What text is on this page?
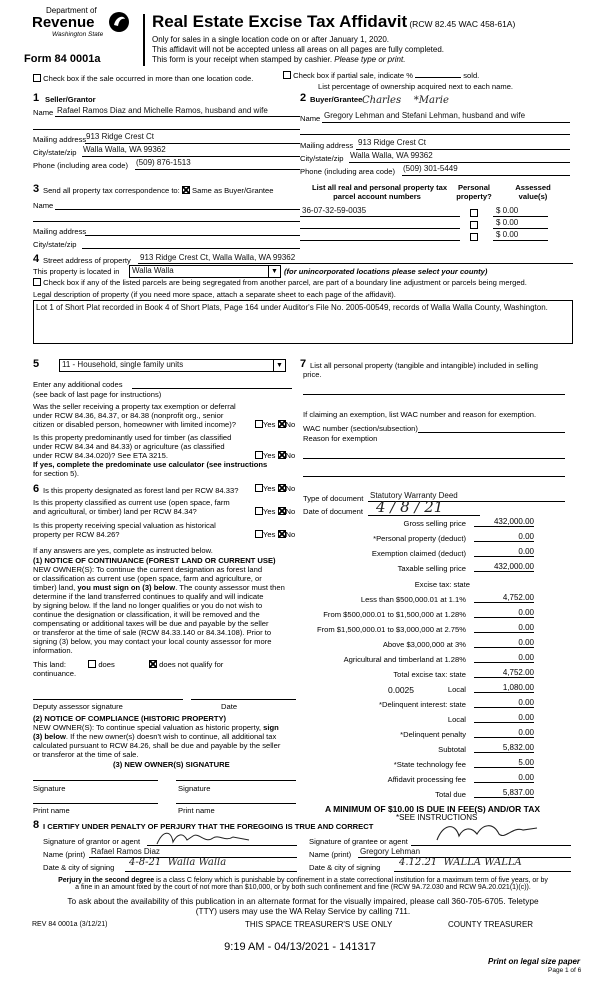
Department of
Revenue
Washington State
Form 84 0001a
Real Estate Excise Tax Affidavit (RCW 82.45 WAC 458-61A)
Only for sales in a single location code on or after January 1, 2020.
This affidavit will not be accepted unless all areas on all pages are fully completed.
This form is your receipt when stamped by cashier. Please type or print.
Check box if the sale occurred in more than one location code.	Check box if partial sale, indicate %	sold.
List percentage of ownership acquired next to each name.
1 Seller/Grantor
Name Rafael Ramos Diaz and Michelle Ramos, husband and wife
Mailing address 913 Ridge Crest Ct
City/state/zip Walla Walla, WA 99362
Phone (including area code) (509) 876-1513
2 Buyer/Grantee Charles    *Marie
Name Gregory Lehman and Stefani Lehman, husband and wife
Mailing address 913 Ridge Crest Ct
City/state/zip Walla Walla, WA 99362
Phone (including area code) (509) 301-5449
3 Send all property tax correspondence to: Same as Buyer/Grantee
Name
Mailing address
City/state/zip
List all real and personal property tax
parcel account numbers
Personal
property?
Assessed
value(s)
36-07-32-59-0035	$ 0.00
$ 0.00
$ 0.00
4 Street address of property 913 Ridge Crest Ct, Walla Walla, WA 99362
This property is located in Walla Walla	▼ (for unincorporated locations please select your county)
Check box if any of the listed parcels are being segregated from another parcel, are part of a boundary line adjustment or parcels being merged.
Legal description of property (if you need more space, attach a separate sheet to each page of the affidavit).
Lot 1 of Short Plat recorded in Book 4 of Short Plats, Page 164 under Auditor's File No. 2005-00549, records of Walla Walla County, Washington.
5	11 - Household, single family units	▼
Enter any additional codes
(see back of last page for instructions)
Was the seller receiving a property tax exemption or deferral
under RCW 84.36, 84.37, or 84.38 (nonprofit org., senior
citizen or disabled person, homeowner with limited income)?	Yes No
Is this property predominantly used for timber (as classified
under RCW 84.34 and 84.33) or agriculture (as classified
under RCW 84.34.020)? See ETA 3215.	Yes No
If yes, complete the predominate use calculator (see instructions
for section 5).
7 List all personal property (tangible and intangible) included in selling
price.
If claiming an exemption, list WAC number and reason for exemption.
WAC number (section/subsection)
Reason for exemption
Type of document Statutory Warranty Deed
Date of document 4 / 8 / 21
Gross selling price	432,000.00
*Personal property (deduct)	0.00
Exemption claimed (deduct)	0.00
Taxable selling price	432,000.00
Excise tax: state
Less than $500,000.01 at 1.1%	4,752.00
From $500,000.01 to $1,500,000 at 1.28%	0.00
From $1,500,000.01 to $3,000,000 at 2.75%	0.00
Above $3,000,000 at 3%	0.00
Agricultural and timberland at 1.28%	0.00
Total excise tax: state	4,752.00
0.0025	Local	1,080.00
*Delinquent interest: state	0.00
Local	0.00
*Delinquent penalty	0.00
Subtotal	5,832.00
*State technology fee	5.00
Affidavit processing fee	0.00
Total due	5,837.00
A MINIMUM OF $10.00 IS DUE IN FEE(S) AND/OR TAX
*SEE INSTRUCTIONS
6 Is this property designated as forest land per RCW 84.33?	Yes No
Is this property classified as current use (open space, farm
and agricultural, or timber) land per RCW 84.34?	Yes No
Is this property receiving special valuation as historical
property per RCW 84.26?	Yes No
If any answers are yes, complete as instructed below.
(1) NOTICE OF CONTINUANCE (FOREST LAND OR CURRENT USE)
NEW OWNER(S): To continue the current designation as forest land
or classification as current use (open space, farm and agriculture, or
timber) land, you must sign on (3) below. The county assessor must then
determine if the land transferred continues to qualify and will indicate
by signing below. If the land no longer qualifies or you do not wish to
continue the designation or classification, it will be removed and the
compensating or additional taxes will be due and payable by the seller
or transferor at the time of sale (RCW 84.33.140 or 84.34.108). Prior to
signing (3) below, you may contact your local county assessor for more
information.
This land:	does	does not qualify for
continuance.
Deputy assessor signature	Date
(2) NOTICE OF COMPLIANCE (HISTORIC PROPERTY)
NEW OWNER(S): To continue special valuation as historic property, sign
(3) below. If the new owner(s) doesn't wish to continue, all additional tax
calculated pursuant to RCW 84.26, shall be due and payable by the seller
or transferor at the time of sale.
(3) NEW OWNER(S) SIGNATURE
Signature	Signature
Print name	Print name
8 I CERTIFY UNDER PENALTY OF PERJURY THAT THE FOREGOING IS TRUE AND CORRECT
Signature of grantor or agent
Name (print) Rafael Ramos Diaz
Date & city of signing 4-8-21  Walla Walla
Signature of grantee or agent
Name (print) Gregory Lehman
Date & city of signing 4.12.21  WALLA WALLA
Perjury in the second degree is a class C felony which is punishable by confinement in a state correctional institution for a maximum term of five years, or by
a fine in an amount fixed by the court of not more than $10,000, or by both such confinement and fine (RCW 9A.72.030 and RCW 9A.20.021(1)(c)).
To ask about the availability of this publication in an alternate format for the visually impaired, please call 360-705-6705. Teletype
(TTY) users may use the WA Relay Service by calling 711.
REV 84 0001a (3/12/21)	THIS SPACE TREASURER'S USE ONLY	COUNTY TREASURER
9:19 AM - 04/13/2021 - 141317
Print on legal size paper
Page 1 of 6
